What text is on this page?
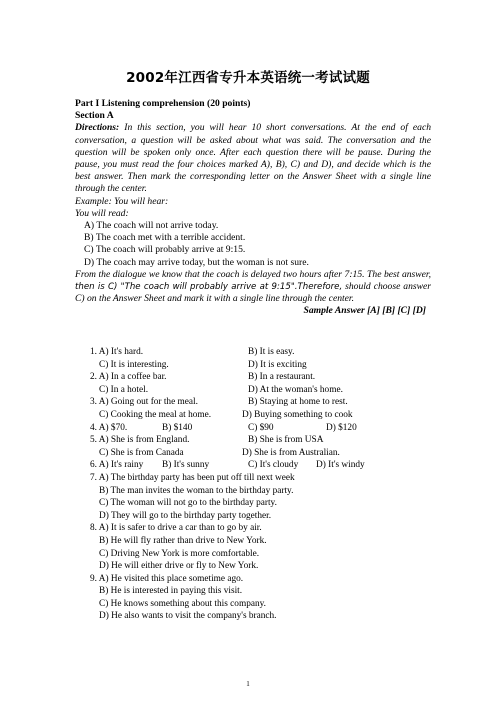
2002年江西省专升本英语统一考试试题
Part I Listening comprehension (20 points)
Section A
Directions: In this section, you will hear 10 short conversations. At the end of each conversation, a question will be asked about what was said. The conversation and the question will be spoken only once. After each question there will be pause. During the pause, you must read the four choices marked A), B), C) and D), and decide which is the best answer. Then mark the corresponding letter on the Answer Sheet with a single line through the center.
Example: You will hear:
You will read:
A) The coach will not arrive today.
B) The coach met with a terrible accident.
C) The coach will probably arrive at 9:15.
D) The coach may arrive today, but the woman is not sure.
From the dialogue we know that the coach is delayed two hours after 7:15. The best answer, then is C) "The coach will probably arrive at 9:15".Therefore, should choose answer C) on the Answer Sheet and mark it with a single line through the center.
Sample Answer [A] [B] [C] [D]
1. A) It's hard.	B) It is easy.
C) It is interesting.	D) It is exciting
2. A) In a coffee bar.	B) In a restaurant.
C) In a hotel.	D) At the woman's home.
3. A) Going out for the meal.	B) Staying at home to rest.
C) Cooking the meal at home.	D) Buying something to cook
4. A) $70.	B) $140	C) $90	D) $120
5. A) She is from England.	B) She is from USA
C) She is from Canada	D) She is from Australian.
6. A) It's rainy B) It's sunny	C) It's cloudy D) It's windy
7. A) The birthday party has been put off till next week
B) The man invites the woman to the birthday party.
C) The woman will not go to the birthday party.
D) They will go to the birthday party together.
8. A) It is safer to drive a car than to go by air.
B) He will fly rather than drive to New York.
C) Driving New York is more comfortable.
D) He will either drive or fly to New York.
9. A) He visited this place sometime ago.
B) He is interested in paying this visit.
C) He knows something about this company.
D) He also wants to visit the company's branch.
1
